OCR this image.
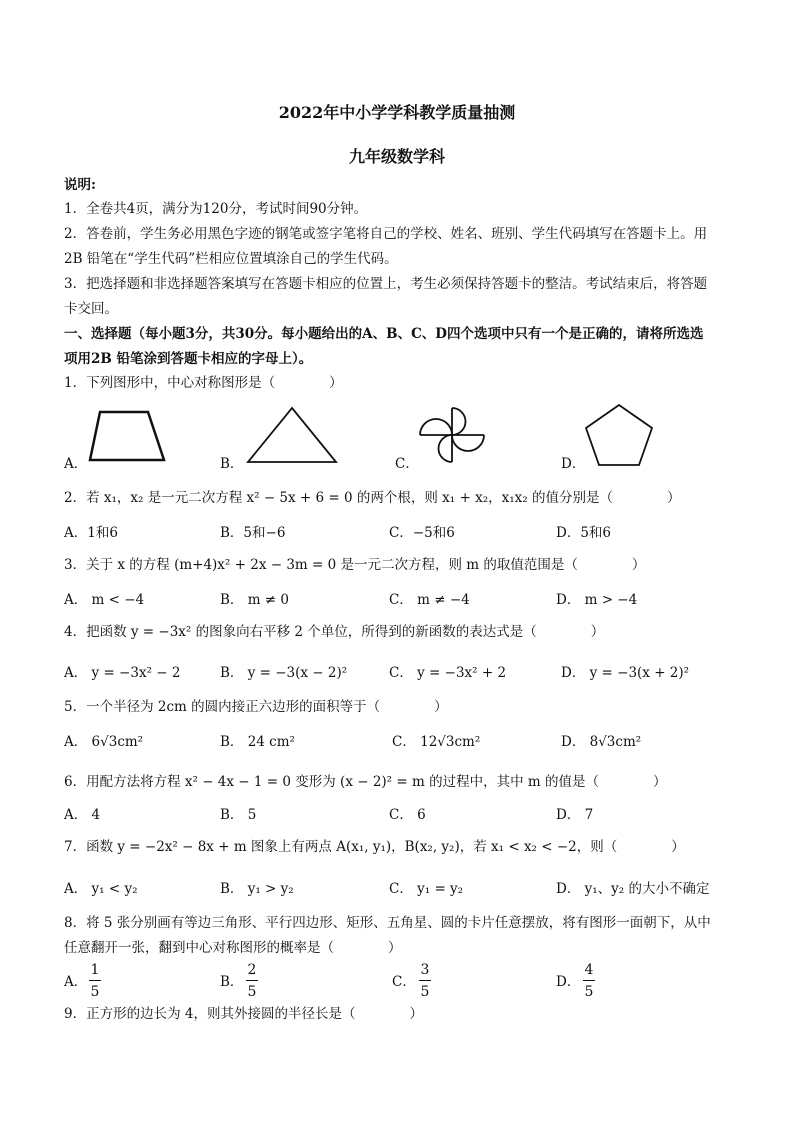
2022年中小学学科教学质量抽测
九年级数学科
说明:
1．全卷共4页，满分为120分，考试时间90分钟。
2．答卷前，学生务必用黑色字迹的钢笔或签字笔将自己的学校、姓名、班别、学生代码填写在答题卡上。用
2B 铅笔在“学生代码”栏相应位置填涂自己的学生代码。
3．把选择题和非选择题答案填写在答题卡相应的位置上，考生必须保持答题卡的整洁。考试结束后，将答题
卡交回。
一、选择题（每小题3分，共30分。每小题给出的A、B、C、D四个选项中只有一个是正确的，请将所选选
项用2B 铅笔涂到答题卡相应的字母上）。
1．下列图形中，中心对称图形是（　　　　）
A．	B．	C．	D．
2．若 x₁，x₂ 是一元二次方程 x² − 5x + 6 = 0 的两个根，则 x₁ + x₂，x₁x₂ 的值分别是（　　　　）
A．1和6	B．5和−6	C．−5和6	D．5和6
3．关于 x 的方程 (m+4)x² + 2x − 3m = 0 是一元二次方程，则 m 的取值范围是（　　　　）
A． m < −4	B． m ≠ 0	C． m ≠ −4	D． m > −4
4．把函数 y = −3x² 的图象向右平移 2 个单位，所得到的新函数的表达式是（　　　　）
A． y = −3x² − 2	B． y = −3(x − 2)²	C． y = −3x² + 2	D． y = −3(x + 2)²
5．一个半径为 2cm 的圆内接正六边形的面积等于（　　　　）
A． 6√3cm²	B． 24 cm²	C． 12√3cm²	D． 8√3cm²
6．用配方法将方程 x² − 4x − 1 = 0 变形为 (x − 2)² = m 的过程中，其中 m 的值是（　　　　）
A． 4	B． 5	C． 6	D． 7
7．函数 y = −2x² − 8x + m 图象上有两点 A(x₁, y₁)，B(x₂, y₂)，若 x₁ < x₂ < −2，则（　　　　）
A． y₁ < y₂	B． y₁ > y₂	C． y₁ = y₂	D． y₁、y₂ 的大小不确定
8．将 5 张分别画有等边三角形、平行四边形、矩形、五角星、圆的卡片任意摆放，将有图形一面朝下，从中
任意翻开一张，翻到中心对称图形的概率是（　　　　）
A．
1
5
B．
2
5
C．
3
5
D．
4
5
9．正方形的边长为 4，则其外接圆的半径长是（　　　　）
